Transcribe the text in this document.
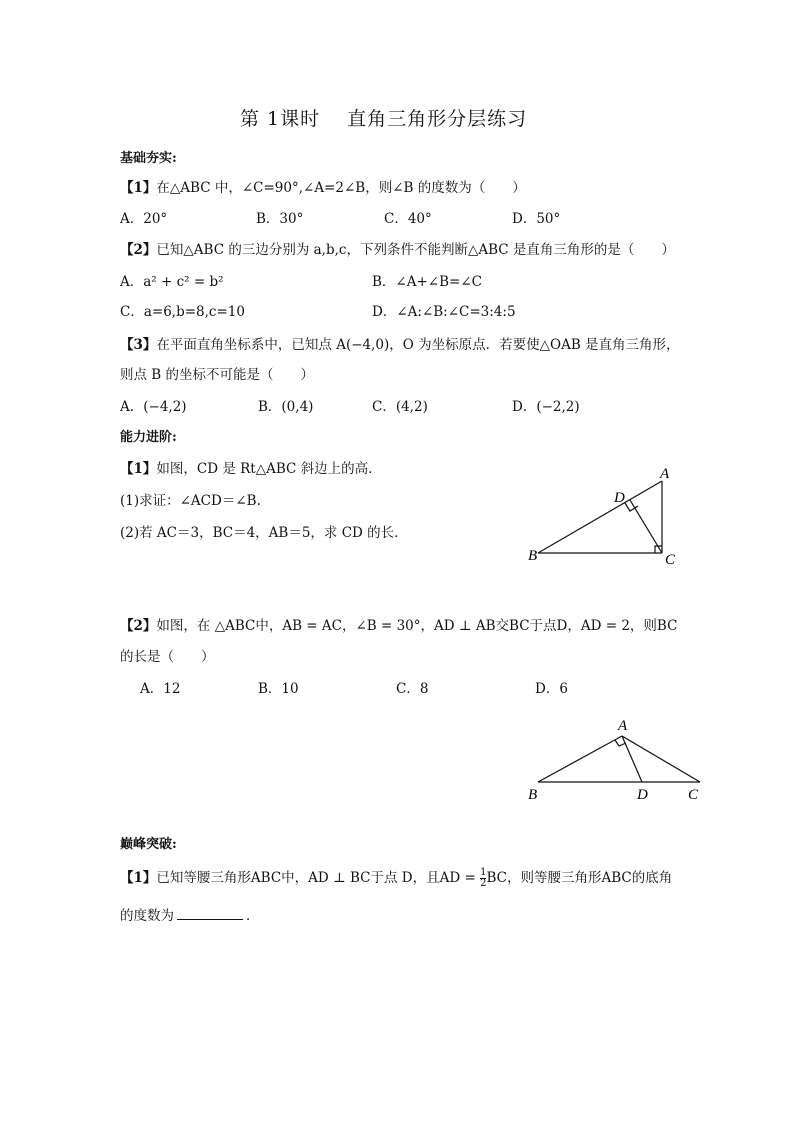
第 1课时　 直角三角形分层练习
基础夯实:
【1】在△ABC 中，∠C=90°,∠A=2∠B，则∠B 的度数为（　　）
A．20°	B．30°	C．40°	D．50°
【2】已知△ABC 的三边分别为 a,b,c，下列条件不能判断△ABC 是直角三角形的是（　　）
A．a² + c² = b²	B．∠A+∠B=∠C
C．a=6,b=8,c=10	D．∠A:∠B:∠C=3:4:5
【3】在平面直角坐标系中，已知点 A(−4,0)，O 为坐标原点．若要使△OAB 是直角三角形，
则点 B 的坐标不可能是（　　）
A．(−4,2)	B．(0,4)	C．(4,2)	D．(−2,2)
能力进阶:
【1】如图，CD 是 Rt△ABC 斜边上的高．
(1)求证：∠ACD＝∠B.
(2)若 AC＝3，BC＝4，AB＝5，求 CD 的长．
A
B	C
D
【2】如图，在 △ABC中，AB = AC，∠B = 30°，AD ⊥ AB交BC于点D，AD = 2，则BC
的长是（　　）
A．12	B．10	C．8	D．6
A
B	D	C
巅峰突破:
【1】已知等腰三角形ABC中，AD ⊥ BC于点 D，且AD = $\frac{1}{2}$ BC，则等腰三角形ABC的底角
的度数为	．
